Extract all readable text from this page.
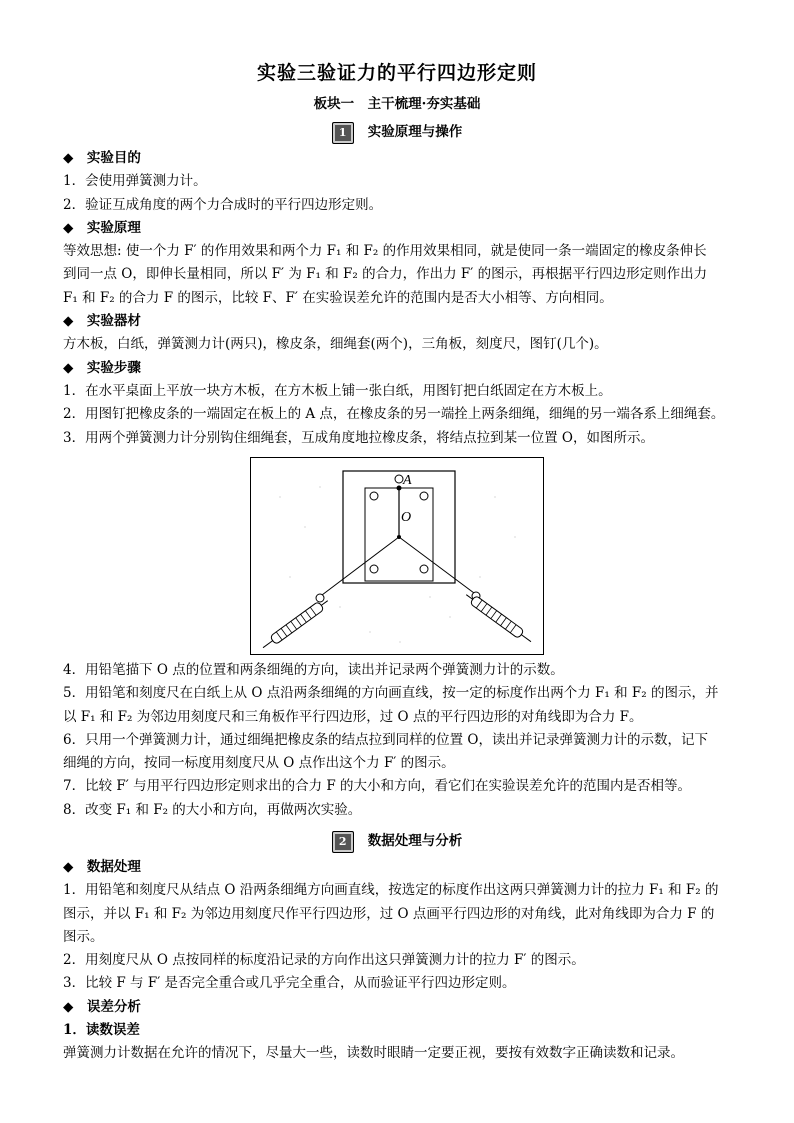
实验三验证力的平行四边形定则
板块一　主干梳理·夯实基础
1 实验原理与操作
◆　实验目的
1．会使用弹簧测力计。
2．验证互成角度的两个力合成时的平行四边形定则。
◆　实验原理
等效思想: 使一个力 F′ 的作用效果和两个力 F₁ 和 F₂ 的作用效果相同，就是使同一条一端固定的橡皮条伸长
到同一点 O，即伸长量相同，所以 F′ 为 F₁ 和 F₂ 的合力，作出力 F′ 的图示，再根据平行四边形定则作出力
F₁ 和 F₂ 的合力 F 的图示，比较 F、F′ 在实验误差允许的范围内是否大小相等、方向相同。
◆　实验器材
方木板，白纸，弹簧测力计(两只)，橡皮条，细绳套(两个)，三角板，刻度尺，图钉(几个)。
◆　实验步骤
1．在水平桌面上平放一块方木板，在方木板上铺一张白纸，用图钉把白纸固定在方木板上。
2．用图钉把橡皮条的一端固定在板上的 A 点，在橡皮条的另一端拴上两条细绳，细绳的另一端各系上细绳套。
3．用两个弹簧测力计分别钩住细绳套，互成角度地拉橡皮条，将结点拉到某一位置 O，如图所示。
A
O
4．用铅笔描下 O 点的位置和两条细绳的方向，读出并记录两个弹簧测力计的示数。
5．用铅笔和刻度尺在白纸上从 O 点沿两条细绳的方向画直线，按一定的标度作出两个力 F₁ 和 F₂ 的图示，并
以 F₁ 和 F₂ 为邻边用刻度尺和三角板作平行四边形，过 O 点的平行四边形的对角线即为合力 F。
6．只用一个弹簧测力计，通过细绳把橡皮条的结点拉到同样的位置 O，读出并记录弹簧测力计的示数，记下
细绳的方向，按同一标度用刻度尺从 O 点作出这个力 F′ 的图示。
7．比较 F′ 与用平行四边形定则求出的合力 F 的大小和方向，看它们在实验误差允许的范围内是否相等。
8．改变 F₁ 和 F₂ 的大小和方向，再做两次实验。
2 数据处理与分析
◆　数据处理
1．用铅笔和刻度尺从结点 O 沿两条细绳方向画直线，按选定的标度作出这两只弹簧测力计的拉力 F₁ 和 F₂ 的
图示，并以 F₁ 和 F₂ 为邻边用刻度尺作平行四边形，过 O 点画平行四边形的对角线，此对角线即为合力 F 的
图示。
2．用刻度尺从 O 点按同样的标度沿记录的方向作出这只弹簧测力计的拉力 F′ 的图示。
3．比较 F 与 F′ 是否完全重合或几乎完全重合，从而验证平行四边形定则。
◆　误差分析
1．读数误差
弹簧测力计数据在允许的情况下，尽量大一些，读数时眼睛一定要正视，要按有效数字正确读数和记录。
